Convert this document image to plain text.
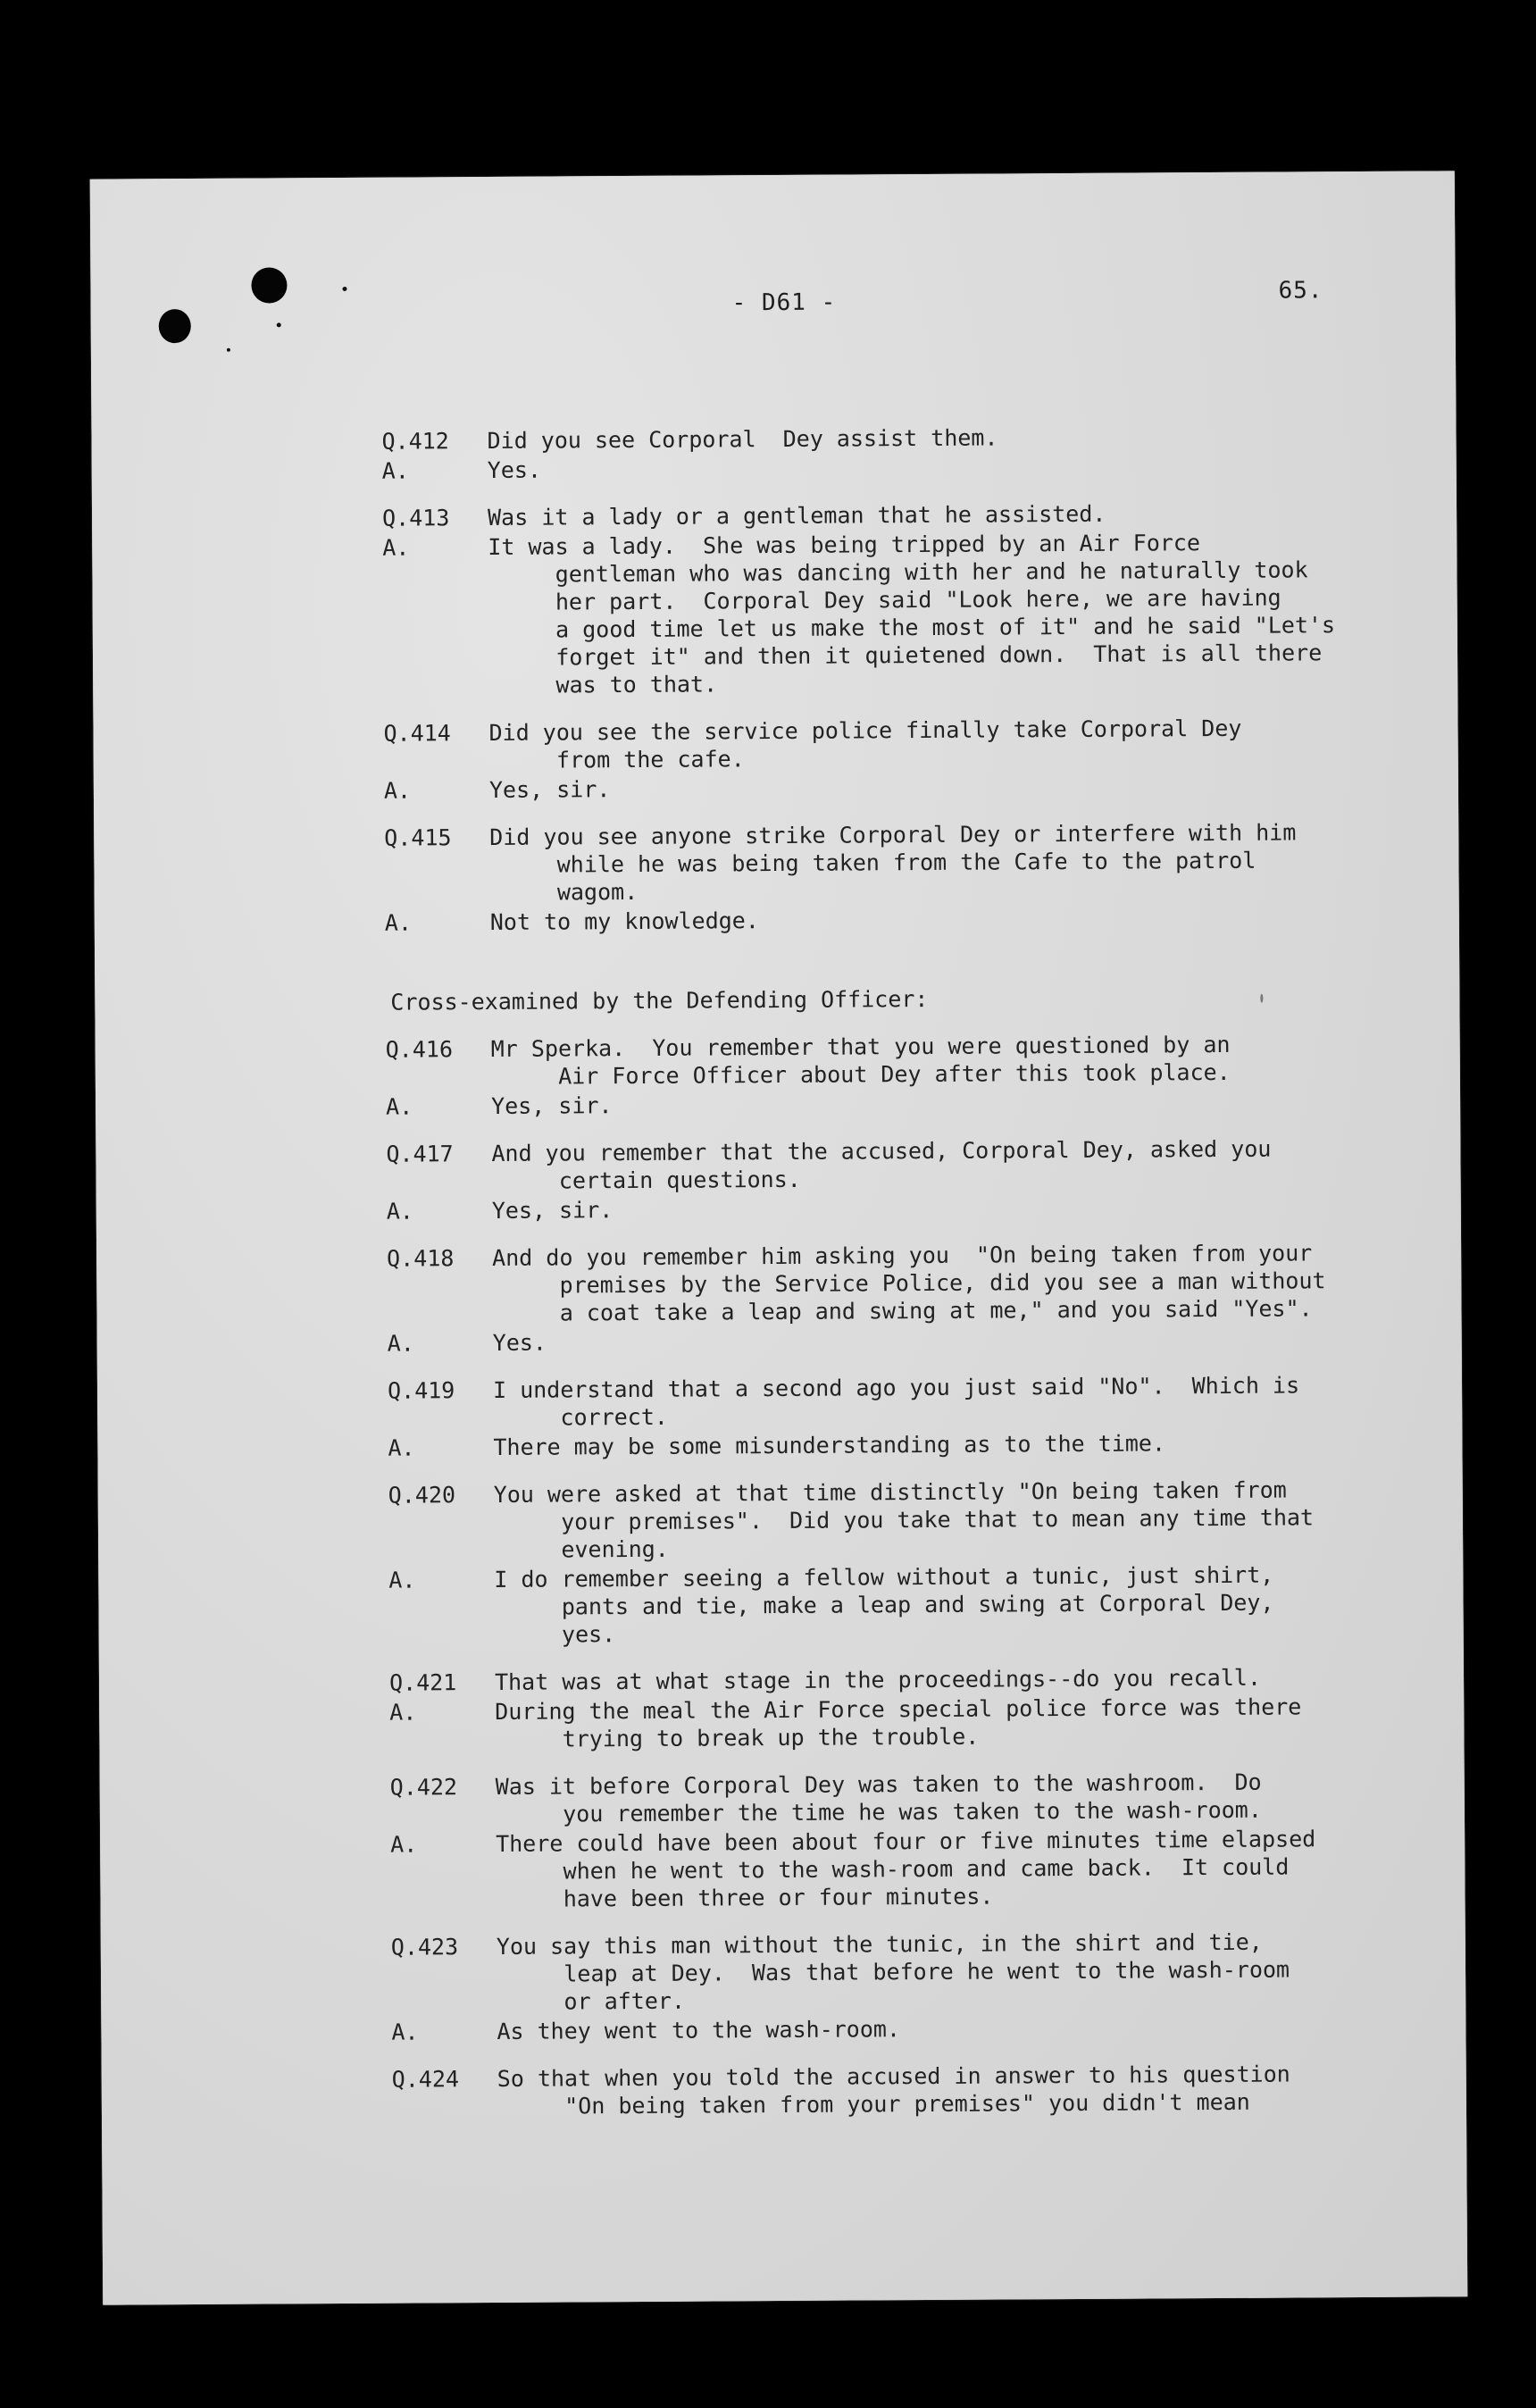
- D61 -	65.
Q.412	Did you see Corporal  Dey assist them.
A.	Yes.
Q.413	Was it a lady or a gentleman that he assisted.
A.	It was a lady.  She was being tripped by an Air Force
gentleman who was dancing with her and he naturally took
her part.  Corporal Dey said "Look here, we are having
a good time let us make the most of it" and he said "Let's
forget it" and then it quietened down.  That is all there
was to that.
Q.414	Did you see the service police finally take Corporal Dey
from the cafe.
A.	Yes, sir.
Q.415	Did you see anyone strike Corporal Dey or interfere with him
while he was being taken from the Cafe to the patrol
wagom.
A.	Not to my knowledge.
Cross-examined by the Defending Officer:
Q.416	Mr Sperka.  You remember that you were questioned by an
Air Force Officer about Dey after this took place.
A.	Yes, sir.
Q.417	And you remember that the accused, Corporal Dey, asked you
certain questions.
A.	Yes, sir.
Q.418	And do you remember him asking you  "On being taken from your
premises by the Service Police, did you see a man without
a coat take a leap and swing at me," and you said "Yes".
A.	Yes.
Q.419	I understand that a second ago you just said "No".  Which is
correct.
A.	There may be some misunderstanding as to the time.
Q.420	You were asked at that time distinctly "On being taken from
your premises".  Did you take that to mean any time that
evening.
A.	I do remember seeing a fellow without a tunic, just shirt,
pants and tie, make a leap and swing at Corporal Dey,
yes.
Q.421	That was at what stage in the proceedings--do you recall.
A.	During the meal the Air Force special police force was there
trying to break up the trouble.
Q.422	Was it before Corporal Dey was taken to the washroom.  Do
you remember the time he was taken to the wash-room.
A.	There could have been about four or five minutes time elapsed
when he went to the wash-room and came back.  It could
have been three or four minutes.
Q.423	You say this man without the tunic, in the shirt and tie,
leap at Dey.  Was that before he went to the wash-room
or after.
A.	As they went to the wash-room.
Q.424	So that when you told the accused in answer to his question
"On being taken from your premises" you didn't mean
